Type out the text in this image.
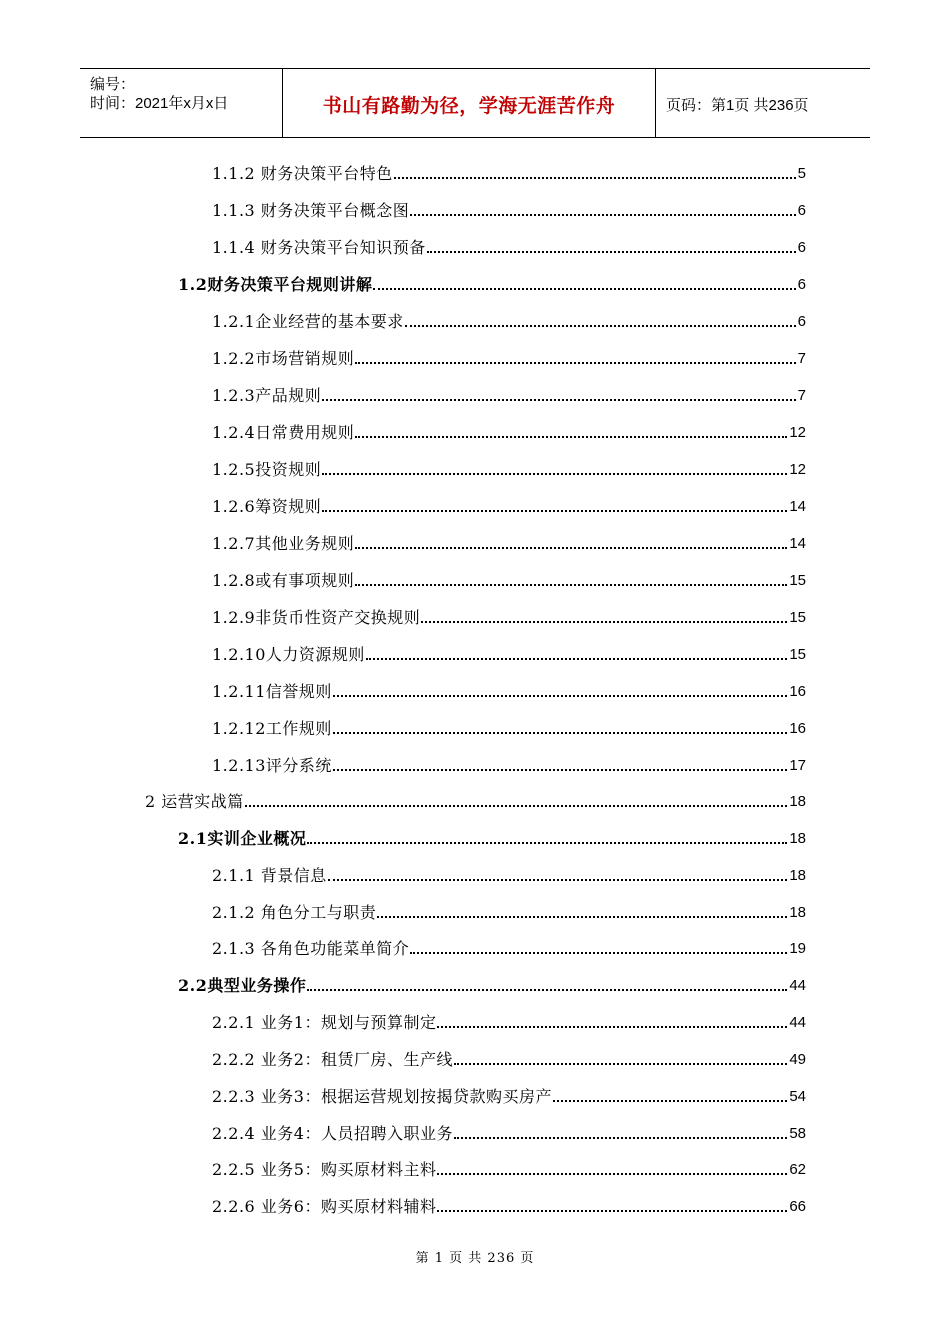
编号：
时间：2021年x月x日	书山有路勤为径，学海无涯苦作舟	页码：第1页 共236页
1.1.2 财务决策平台特色	5
1.1.3 财务决策平台概念图	6
1.1.4 财务决策平台知识预备	6
1.2财务决策平台规则讲解	6
1.2.1企业经营的基本要求	6
1.2.2市场营销规则	7
1.2.3产品规则	7
1.2.4日常费用规则	12
1.2.5投资规则	12
1.2.6筹资规则	14
1.2.7其他业务规则	14
1.2.8或有事项规则	15
1.2.9非货币性资产交换规则	15
1.2.10人力资源规则	15
1.2.11信誉规则	16
1.2.12工作规则	16
1.2.13评分系统	17
2 运营实战篇	18
2.1实训企业概况	18
2.1.1 背景信息	18
2.1.2 角色分工与职责	18
2.1.3 各角色功能菜单简介	19
2.2典型业务操作	44
2.2.1 业务1：规划与预算制定	44
2.2.2 业务2：租赁厂房、生产线	49
2.2.3 业务3：根据运营规划按揭贷款购买房产	54
2.2.4 业务4：人员招聘入职业务	58
2.2.5 业务5：购买原材料主料	62
2.2.6 业务6：购买原材料辅料	66
第 1 页 共 236 页
